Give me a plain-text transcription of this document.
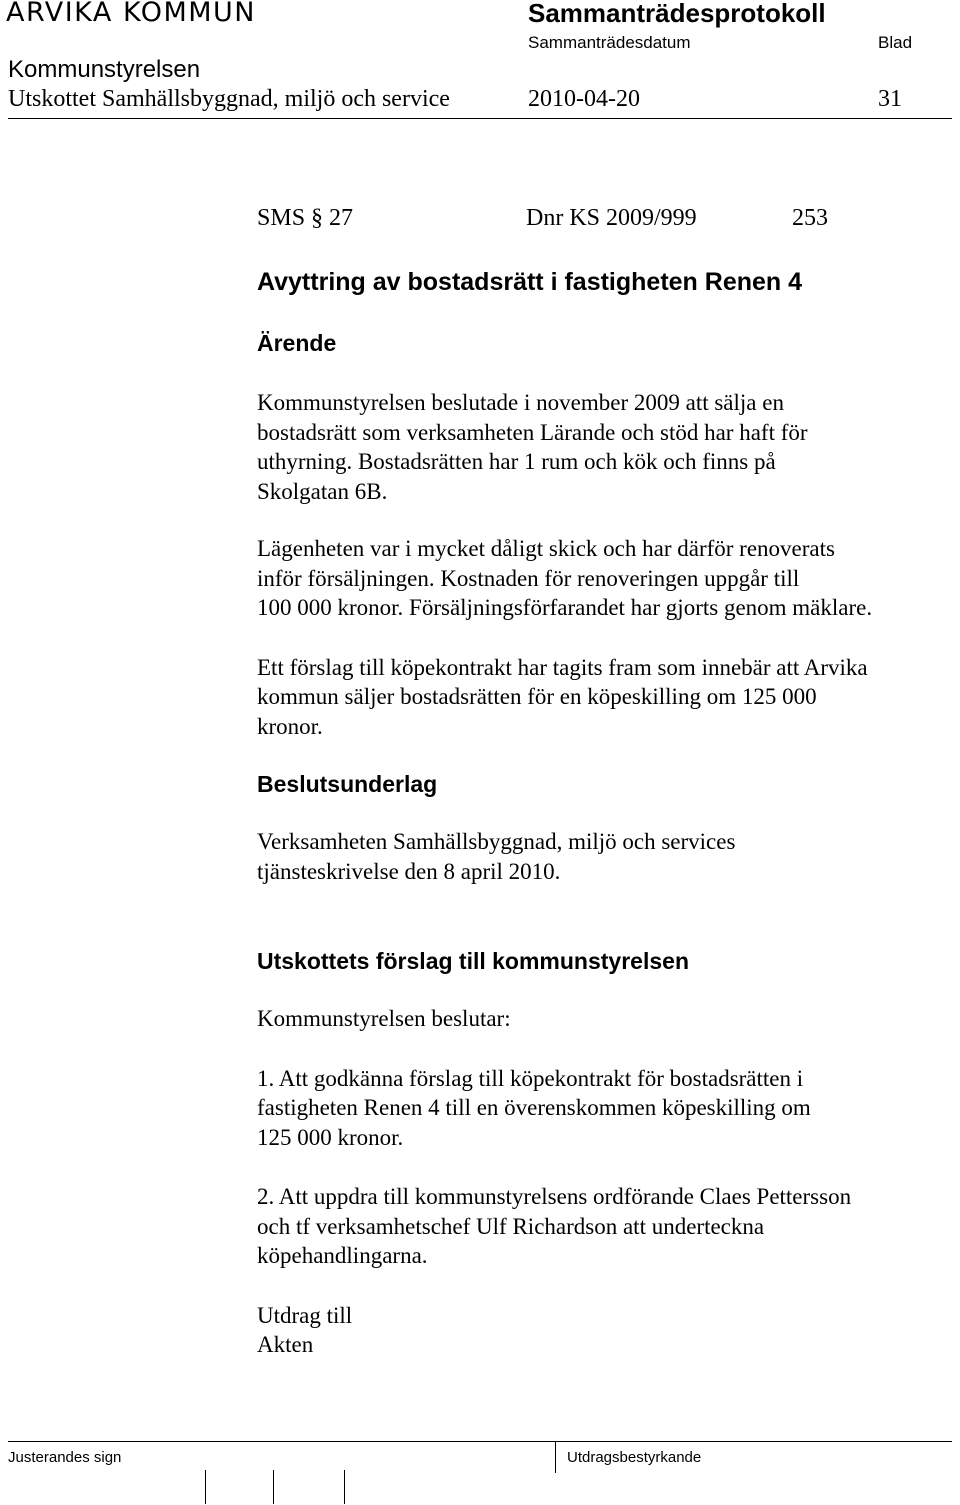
ARVIKA KOMMUN	Sammanträdesprotokoll
Sammanträdesdatum	Blad
Kommunstyrelsen
Utskottet Samhällsbyggnad, miljö och service	2010-04-20	31
SMS § 27	Dnr KS 2009/999	253
Avyttring av bostadsrätt i fastigheten Renen 4
Ärende
Kommunstyrelsen beslutade i november 2009 att sälja en
bostadsrätt som verksamheten Lärande och stöd har haft för
uthyrning. Bostadsrätten har 1 rum och kök och finns på
Skolgatan 6B.
Lägenheten var i mycket dåligt skick och har därför renoverats
inför försäljningen. Kostnaden för renoveringen uppgår till
100 000 kronor. Försäljningsförfarandet har gjorts genom mäklare.
Ett förslag till köpekontrakt har tagits fram som innebär att Arvika
kommun säljer bostadsrätten för en köpeskilling om 125 000
kronor.
Beslutsunderlag
Verksamheten Samhällsbyggnad, miljö och services
tjänsteskrivelse den 8 april 2010.
Utskottets förslag till kommunstyrelsen
Kommunstyrelsen beslutar:
1. Att godkänna förslag till köpekontrakt för bostadsrätten i
fastigheten Renen 4 till en överenskommen köpeskilling om
125 000 kronor.
2. Att uppdra till kommunstyrelsens ordförande Claes Pettersson
och tf verksamhetschef Ulf Richardson att underteckna
köpehandlingarna.
Utdrag till
Akten
Justerandes sign	Utdragsbestyrkande
